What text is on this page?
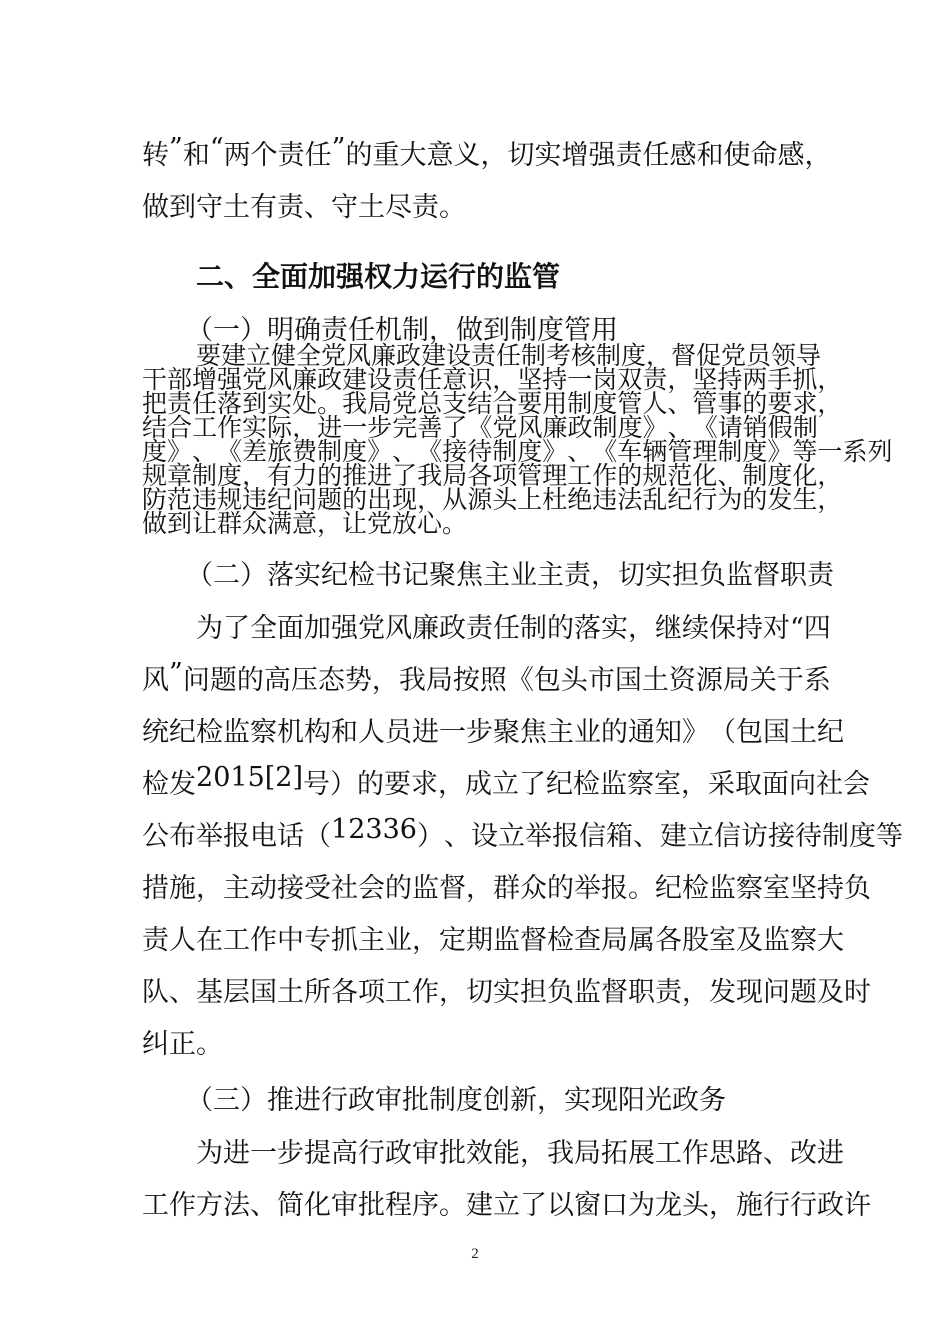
转 ” 和 “ 两 个 责 任 ” 的 重 大 意 义 ， 切 实 增 强 责 任 感 和 使 命 感 ，
做到守土有责、守土尽责。
二、全面加强权力运行的监管
（一）明确责任机制，做到制度管用
要建立健全党风廉政建设责任制考核制度，督促党员领导
干 部 增 强 党 风 廉 政 建 设 责 任 意 识 ， 坚 持 一 岗 双 责 ， 坚 持 两 手 抓 ，
把 责 任 落 到 实 处 。 我 局 党 总 支 结 合 要 用 制 度 管 人 、 管 事 的 要 求 ，
结 合 工 作 实 际 ， 进 一 步 完 善 了 《 党 风 廉 政 制 度 》 、 《 请 销 假 制
度 》 、 《 差 旅 费 制 度 》 、 《 接 待 制 度 》 、 《 车 辆 管 理 制 度 》 等 一 系 列
规 章 制 度 ， 有 力 的 推 进 了 我 局 各 项 管 理 工 作 的 规 范 化 、 制 度 化 ，
防 范 违 规 违 纪 问 题 的 出 现 ， 从 源 头 上 杜 绝 违 法 乱 纪 行 为 的 发 生 ，
做到让群众满意，让党放心。
（二）落实纪检书记聚焦主业主责，切实担负监督职责
为了全面加强党风廉政责任制的落实，继续保持对“四
风 ” 问 题 的 高 压 态 势 ， 我 局 按 照 《 包 头 市 国 土 资 源 局 关 于 系
统 纪 检 监 察 机 构 和 人 员 进 一 步 聚 焦 主 业 的 通 知 》 （ 包 国 土 纪
检 发 2 0 1 5 [ 2 ] 号 ） 的 要 求 ， 成 立 了 纪 检 监 察 室 ， 采 取 面 向 社 会
公 布 举 报 电 话 （ 1 2 3 3 6 ） 、 设 立 举 报 信 箱 、 建 立 信 访 接 待 制 度 等
措 施 ， 主 动 接 受 社 会 的 监 督 ， 群 众 的 举 报 。 纪 检 监 察 室 坚 持 负
责 人 在 工 作 中 专 抓 主 业 ， 定 期 监 督 检 查 局 属 各 股 室 及 监 察 大
队 、 基 层 国 土 所 各 项 工 作 ， 切 实 担 负 监 督 职 责 ， 发 现 问 题 及 时
纠正。
（三）推进行政审批制度创新，实现阳光政务
为进一步提高行政审批效能，我局拓展工作思路、改进
工 作 方 法 、 简 化 审 批 程 序 。 建 立 了 以 窗 口 为 龙 头 ， 施 行 行 政 许
2
